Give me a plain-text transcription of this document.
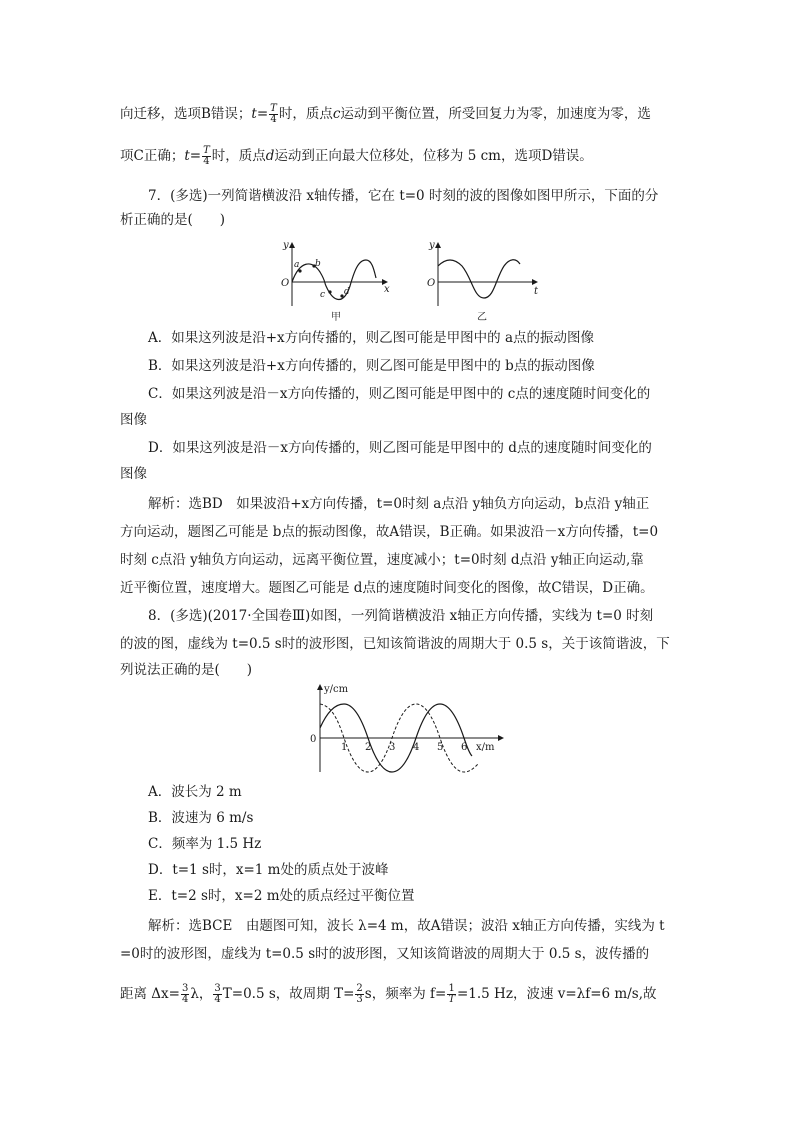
向迁移，选项B错误；$t= \frac{T}{4}$ 时，质点c运动到平衡位置，所受回复力为零，加速度为零，选
项C正确；$t= \frac{T}{4}$ 时，质点d运动到正向最大位移处，位移为 5 cm，选项D错误。
7．(多选)一列简谐横波沿 x轴传播，它在 t=0 时刻的波的图像如图甲所示，下面的分
析正确的是(　　)
y
O
x
a b
c d
甲
y
O
t
乙
A．如果这列波是沿+x方向传播的，则乙图可能是甲图中的 a点的振动图像
B．如果这列波是沿+x方向传播的，则乙图可能是甲图中的 b点的振动图像
C．如果这列波是沿－x方向传播的，则乙图可能是甲图中的 c点的速度随时间变化的
图像
D．如果这列波是沿－x方向传播的，则乙图可能是甲图中的 d点的速度随时间变化的
图像
解析：选BD　如果波沿+x方向传播，t=0时刻 a点沿 y轴负方向运动，b点沿 y轴正
方向运动，题图乙可能是 b点的振动图像，故A错误，B正确。如果波沿－x方向传播，t=0
时刻 c点沿 y轴负方向运动，远离平衡位置，速度减小；t=0时刻 d点沿 y轴正向运动,靠
近平衡位置，速度增大。题图乙可能是 d点的速度随时间变化的图像，故C错误，D正确。
8．(多选)(2017·全国卷Ⅲ)如图，一列简谐横波沿 x轴正方向传播，实线为 t=0 时刻
的波的图，虚线为 t=0.5 s时的波形图，已知该简谐波的周期大于 0.5 s，关于该简谐波，下
列说法正确的是(　　)
y/cm
x/m
0
1 2 3 4 5 6
A．波长为 2 m
B．波速为 6 m/s
C．频率为 1.5 Hz
D．t=1 s时，x=1 m处的质点处于波峰
E．t=2 s时，x=2 m处的质点经过平衡位置
解析：选BCE　由题图可知，波长 λ=4 m，故A错误；波沿 x轴正方向传播，实线为 t
=0时的波形图，虚线为 t=0.5 s时的波形图，又知该简谐波的周期大于 0.5 s，波传播的
距离 $\Delta x= \frac{3}{4}$ λ， $\frac{3}{4} T=0.5$ s，故周期 $T= \frac{2}{3}$ s，频率为 $f= \frac{1}{T} =1.5$ Hz，波速 v=λf=6 m/s,故
